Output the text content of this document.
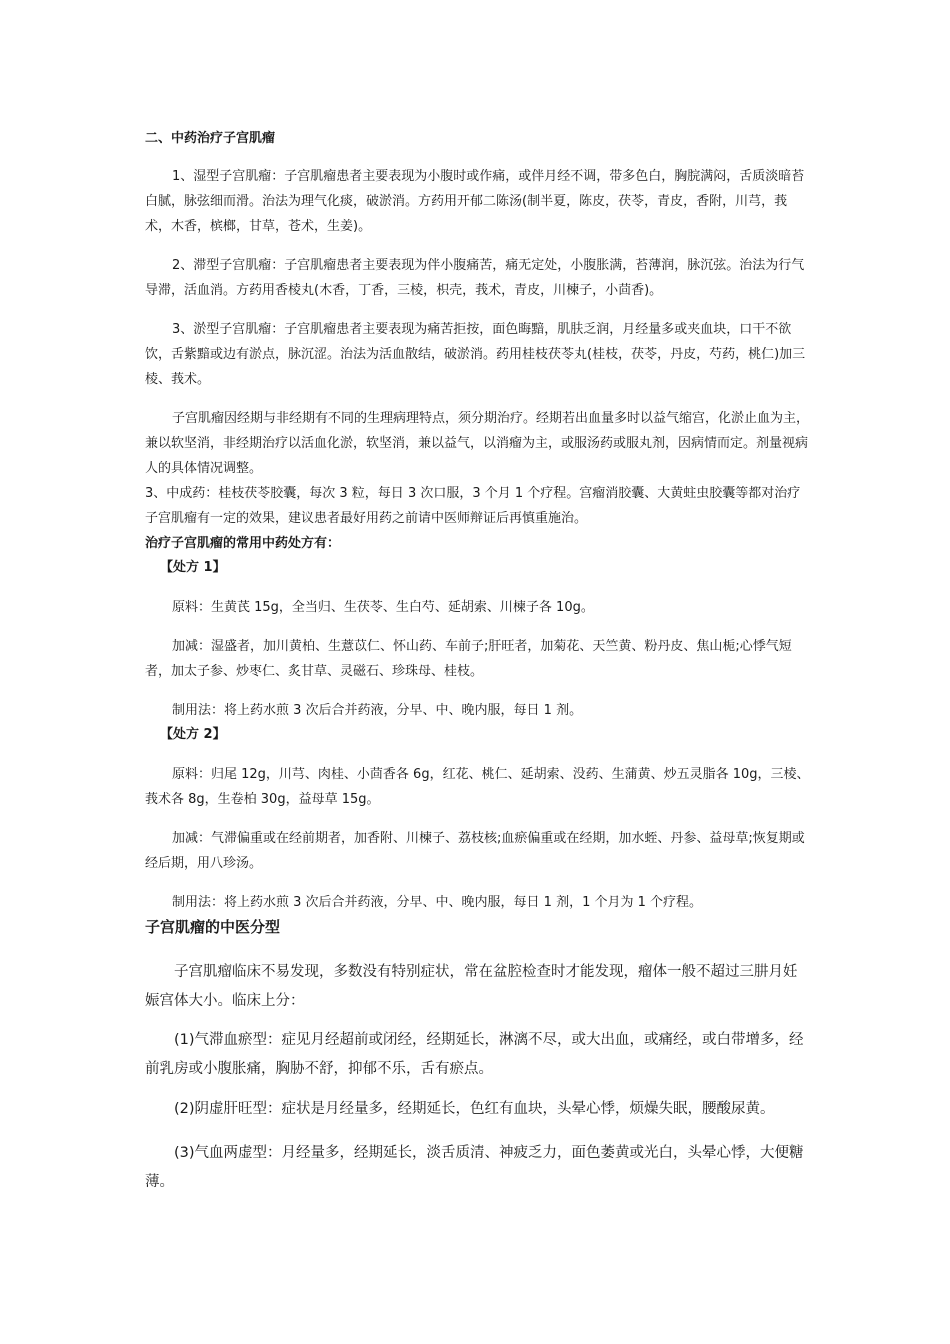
二、中药治疗子宫肌瘤

1、湿型子宫肌瘤：子宫肌瘤患者主要表现为小腹时或作痛，或伴月经不调，带多色白，胸脘满闷，舌质淡暗苔白腻，脉弦细而滑。治法为理气化痰，破淤消。方药用开郁二陈汤(制半夏，陈皮，茯苓，青皮，香附，川芎，莪术，木香，槟榔，甘草，苍术，生姜)。

2、滞型子宫肌瘤：子宫肌瘤患者主要表现为伴小腹痛苦，痛无定处，小腹胀满，苔薄润，脉沉弦。治法为行气导滞，活血消。方药用香棱丸(木香，丁香，三棱，枳壳，莪术，青皮，川楝子，小茴香)。

3、淤型子宫肌瘤：子宫肌瘤患者主要表现为痛苦拒按，面色晦黯，肌肤乏润，月经量多或夹血块，口干不欲饮，舌紫黯或边有淤点，脉沉涩。治法为活血散结，破淤消。药用桂枝茯苓丸(桂枝，茯苓，丹皮，芍药，桃仁)加三棱、莪术。

子宫肌瘤因经期与非经期有不同的生理病理特点，须分期治疗。经期若出血量多时以益气缩宫，化淤止血为主，兼以软坚消，非经期治疗以活血化淤，软坚消，兼以益气，以消瘤为主，或服汤药或服丸剂，因病情而定。剂量视病人的具体情况调整。

3、中成药：桂枝茯苓胶囊，每次 3 粒，每日 3 次口服，3 个月 1 个疗程。宫瘤消胶囊、大黄蛀虫胶囊等都对治疗子宫肌瘤有一定的效果，建议患者最好用药之前请中医师辩证后再慎重施治。

治疗子宫肌瘤的常用中药处方有：
【处方 1】

原料：生黄芪 15g，全当归、生茯苓、生白芍、延胡索、川楝子各 10g。

加减：湿盛者，加川黄柏、生薏苡仁、怀山药、车前子;肝旺者，加菊花、天竺黄、粉丹皮、焦山栀;心悸气短者，加太子参、炒枣仁、炙甘草、灵磁石、珍珠母、桂枝。

制用法：将上药水煎 3 次后合并药液，分早、中、晚内服，每日 1 剂。

【处方 2】

原料：归尾 12g，川芎、肉桂、小茴香各 6g，红花、桃仁、延胡索、没药、生蒲黄、炒五灵脂各 10g，三棱、莪术各 8g，生卷柏 30g，益母草 15g。

加减：气滞偏重或在经前期者，加香附、川楝子、荔枝核;血瘀偏重或在经期，加水蛭、丹参、益母草;恢复期或经后期，用八珍汤。

制用法：将上药水煎 3 次后合并药液，分早、中、晚内服，每日 1 剂，1 个月为 1 个疗程。

子宫肌瘤的中医分型

子宫肌瘤临床不易发现，多数没有特别症状，常在盆腔检查时才能发现，瘤体一般不超过三肼月妊娠宫体大小。临床上分：

(1)气滞血瘀型：症见月经超前或闭经，经期延长，淋漓不尽，或大出血，或痛经，或白带增多，经前乳房或小腹胀痛，胸胁不舒，抑郁不乐，舌有瘀点。

(2)阴虚肝旺型：症状是月经量多，经期延长，色红有血块，头晕心悸，烦燥失眠，腰酸尿黄。

(3)气血两虚型：月经量多，经期延长，淡舌质清、神疲乏力，面色萎黄或光白，头晕心悸，大便糖薄。
